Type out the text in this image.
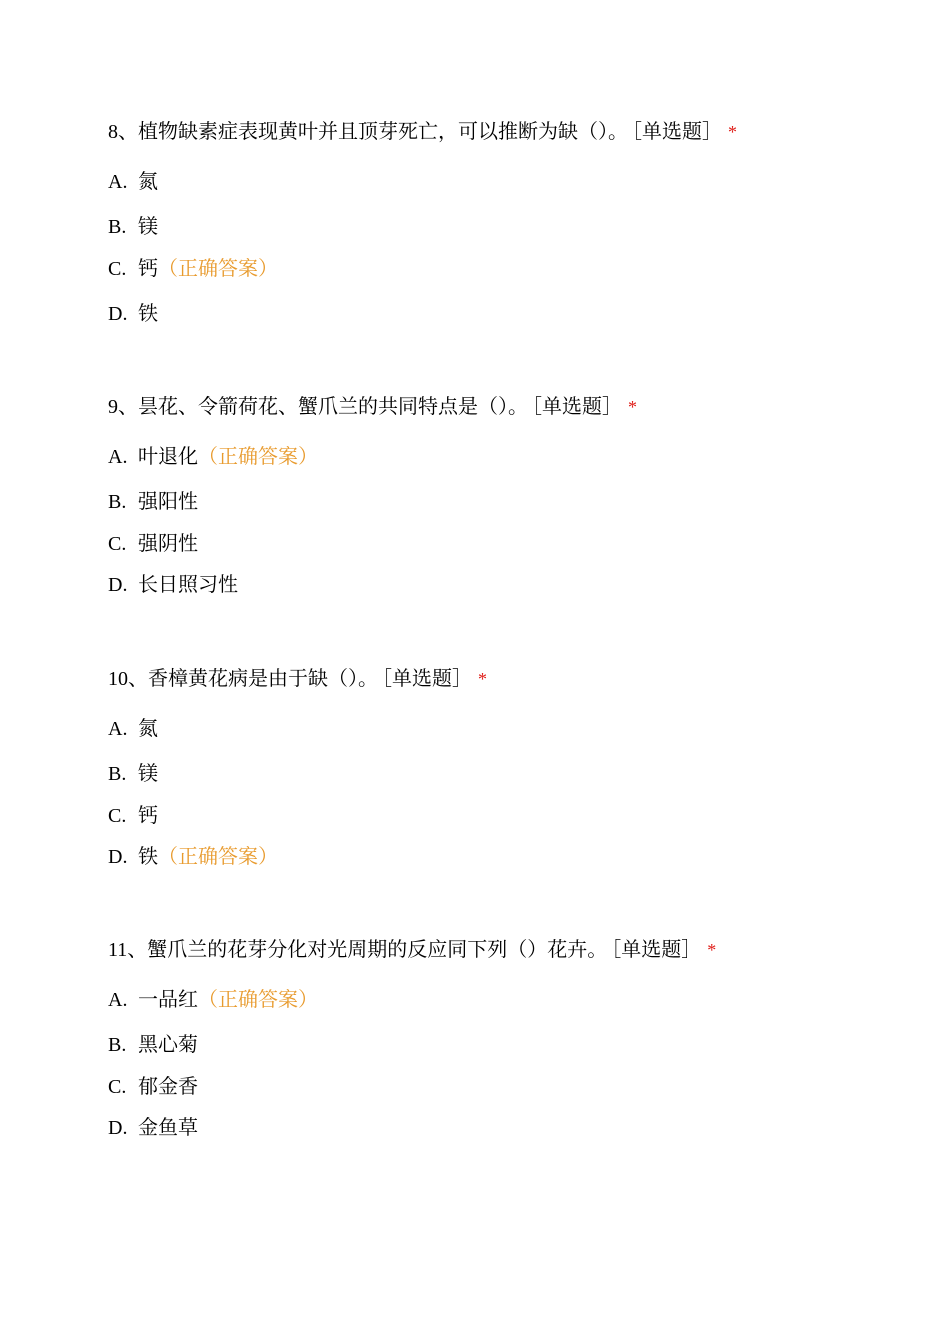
8、植物缺素症表现黄叶并且顶芽死亡，可以推断为缺（）。 ［单选题］ *

A. 氮
B. 镁
C. 钙（正确答案）
D. 铁

9、昙花、令箭荷花、蟹爪兰的共同特点是（）。 ［单选题］ *

A. 叶退化（正确答案）
B. 强阳性
C. 强阴性
D. 长日照习性

10、香樟黄花病是由于缺（）。 ［单选题］ *

A. 氮
B. 镁
C. 钙
D. 铁（正确答案）

11、蟹爪兰的花芽分化对光周期的反应同下列（）花卉。 ［单选题］ *

A. 一品红（正确答案）
B. 黑心菊
C. 郁金香
D. 金鱼草
